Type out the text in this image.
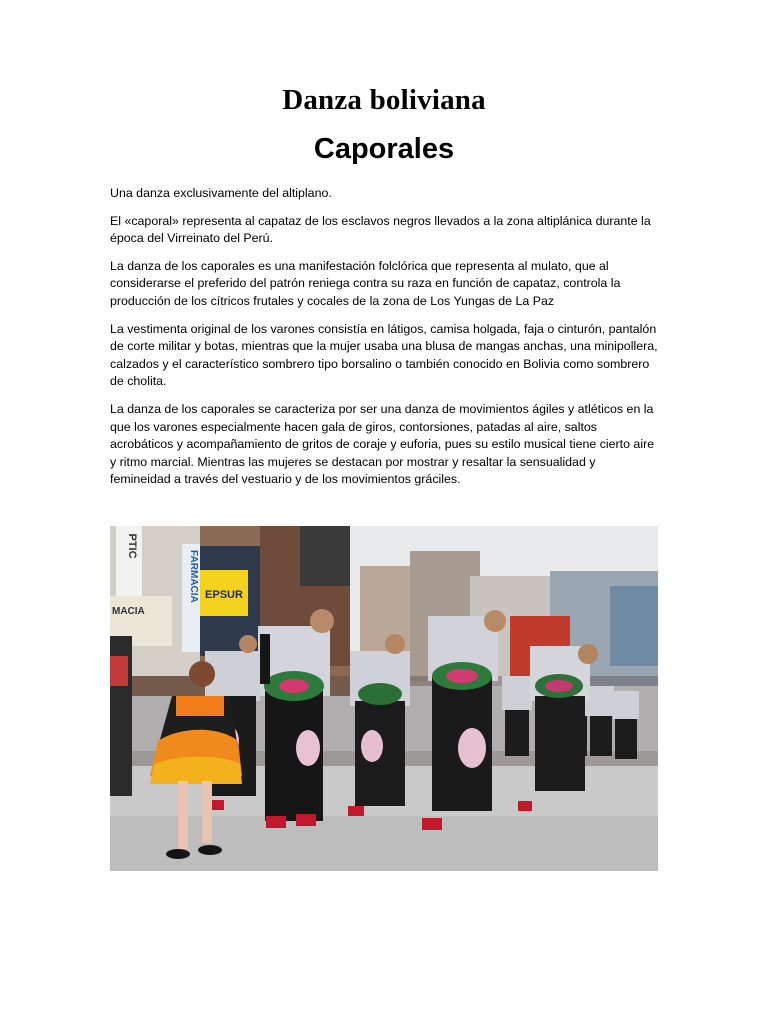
Danza boliviana
Caporales

Una danza exclusivamente del altiplano.

El «caporal» representa al capataz de los esclavos negros llevados a la zona altiplánica durante la época del Virreinato del Perú.

La danza de los caporales es una manifestación folclórica que representa al mulato, que al considerarse el preferido del patrón reniega contra su raza en función de capataz, controla la producción de los cítricos frutales y cocales de la zona de Los Yungas de La Paz

La vestimenta original de los varones consistía en látigos, camisa holgada, faja o cinturón, pantalón de corte militar y botas, mientras que la mujer usaba una blusa de mangas anchas, una minipollera, calzados y el característico sombrero tipo borsalino o también conocido en Bolivia como sombrero de cholita.

La danza de los caporales se caracteriza por ser una danza de movimientos ágiles y atléticos en la que los varones especialmente hacen gala de giros, contorsiones, patadas al aire, saltos acrobáticos y acompañamiento de gritos de coraje y euforia, pues su estilo musical tiene cierto aire y ritmo marcial. Mientras las mujeres se destacan por mostrar y resaltar la sensualidad y femineidad a través del vestuario y de los movimientos gráciles.

PTIC
FARMACIA EPSUR
MACIA
